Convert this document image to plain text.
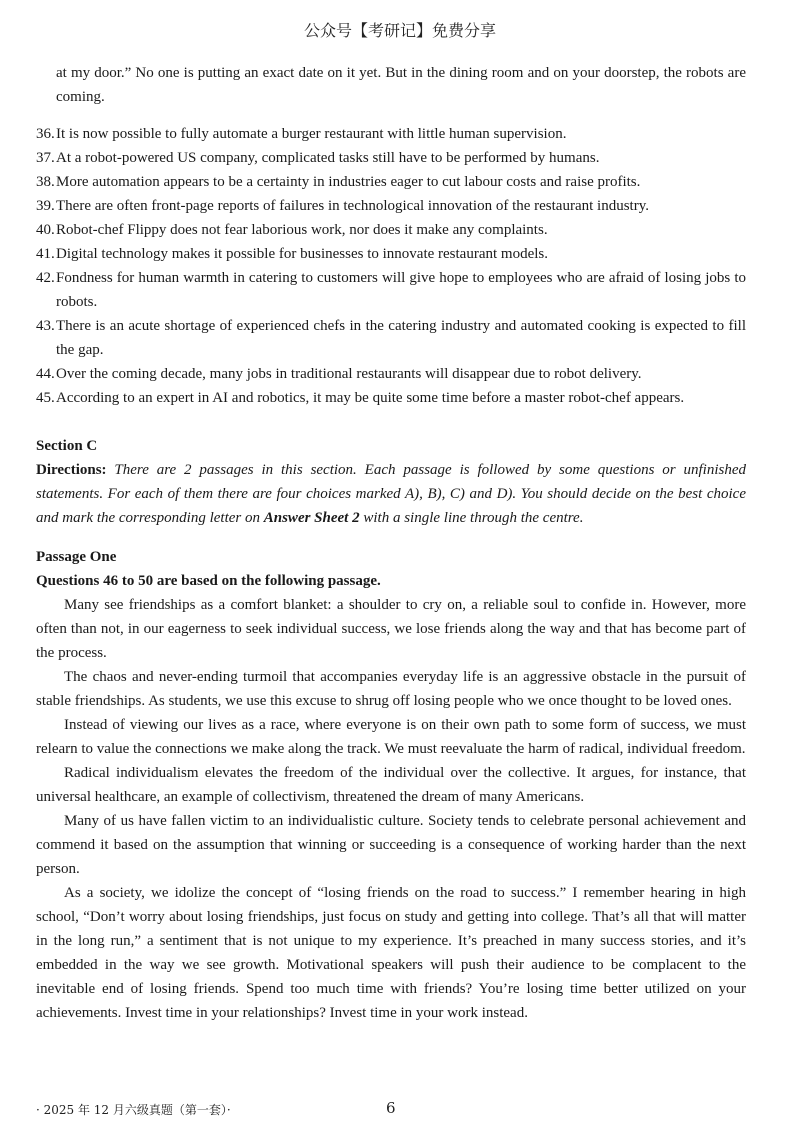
公众号【考研记】免费分享

at my door.” No one is putting an exact date on it yet. But in the dining room and on your doorstep, the robots are coming.

36. It is now possible to fully automate a burger restaurant with little human supervision.
37. At a robot-powered US company, complicated tasks still have to be performed by humans.
38. More automation appears to be a certainty in industries eager to cut labour costs and raise profits.
39. There are often front-page reports of failures in technological innovation of the restaurant industry.
40. Robot-chef Flippy does not fear laborious work, nor does it make any complaints.
41. Digital technology makes it possible for businesses to innovate restaurant models.
42. Fondness for human warmth in catering to customers will give hope to employees who are afraid of losing jobs to robots.
43. There is an acute shortage of experienced chefs in the catering industry and automated cooking is expected to fill the gap.
44. Over the coming decade, many jobs in traditional restaurants will disappear due to robot delivery.
45. According to an expert in AI and robotics, it may be quite some time before a master robot-chef appears.

Section C

Directions: There are 2 passages in this section. Each passage is followed by some questions or unfinished statements. For each of them there are four choices marked A), B), C) and D). You should decide on the best choice and mark the corresponding letter on Answer Sheet 2 with a single line through the centre.

Passage One

Questions 46 to 50 are based on the following passage.

Many see friendships as a comfort blanket: a shoulder to cry on, a reliable soul to confide in. However, more often than not, in our eagerness to seek individual success, we lose friends along the way and that has become part of the process.

The chaos and never-ending turmoil that accompanies everyday life is an aggressive obstacle in the pursuit of stable friendships. As students, we use this excuse to shrug off losing people who we once thought to be loved ones.

Instead of viewing our lives as a race, where everyone is on their own path to some form of success, we must relearn to value the connections we make along the track. We must reevaluate the harm of radical, individual freedom.

Radical individualism elevates the freedom of the individual over the collective. It argues, for instance, that universal healthcare, an example of collectivism, threatened the dream of many Americans.

Many of us have fallen victim to an individualistic culture. Society tends to celebrate personal achievement and commend it based on the assumption that winning or succeeding is a consequence of working harder than the next person.

As a society, we idolize the concept of “losing friends on the road to success.” I remember hearing in high school, “Don’t worry about losing friendships, just focus on study and getting into college. That’s all that will matter in the long run,” a sentiment that is not unique to my experience. It’s preached in many success stories, and it’s embedded in the way we see growth. Motivational speakers will push their audience to be complacent to the inevitable end of losing friends. Spend too much time with friends? You’re losing time better utilized on your achievements. Invest time in your relationships? Invest time in your work instead.

· 2025 年 12 月六级真题（第一套）·	6
